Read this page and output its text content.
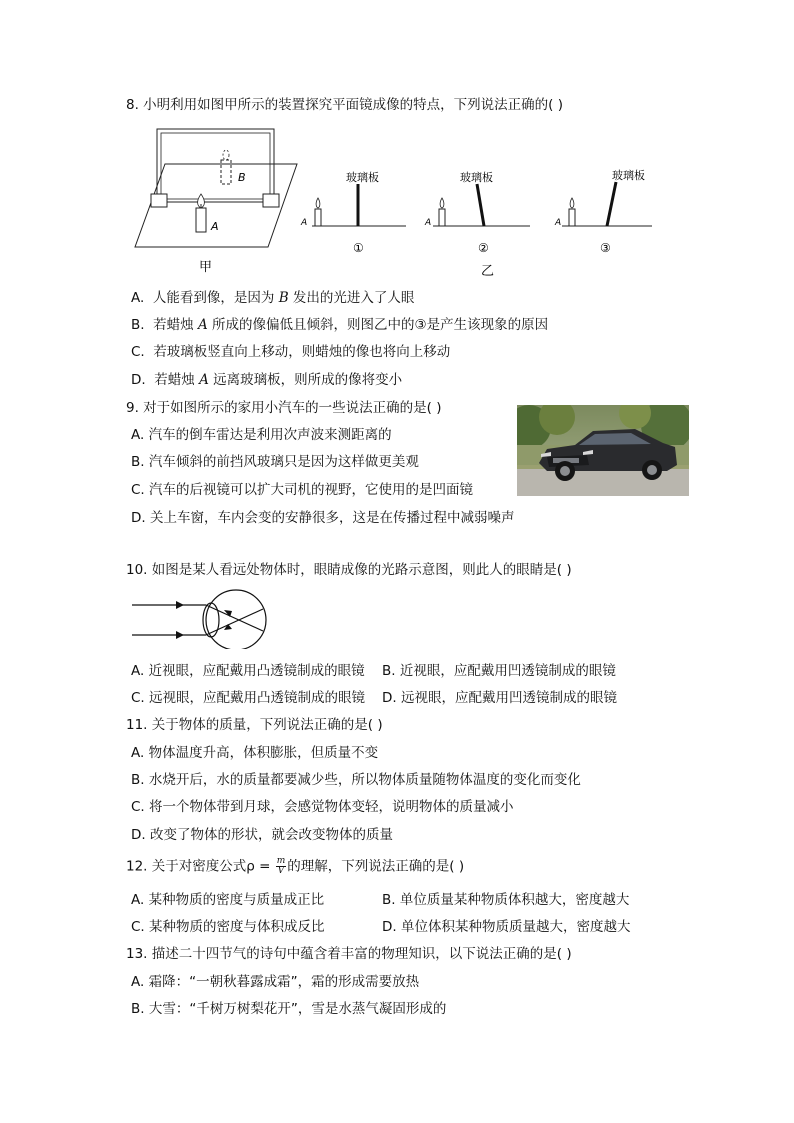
8. 小明利用如图甲所示的装置探究平面镜成像的特点，下列说法正确的( )
B
A
甲
A
玻璃板
①
A
玻璃板
②
A
玻璃板
③
乙
A. 人能看到像，是因为 B 发出的光进入了人眼
B. 若蜡烛 A 所成的像偏低且倾斜，则图乙中的③是产生该现象的原因
C. 若玻璃板竖直向上移动，则蜡烛的像也将向上移动
D. 若蜡烛 A 远离玻璃板，则所成的像将变小
9. 对于如图所示的家用小汽车的一些说法正确的是( )
A. 汽车的倒车雷达是利用次声波来测距离的
B. 汽车倾斜的前挡风玻璃只是因为这样做更美观
C. 汽车的后视镜可以扩大司机的视野，它使用的是凹面镜
D. 关上车窗，车内会变的安静很多，这是在传播过程中减弱噪声
10. 如图是某人看远处物体时，眼睛成像的光路示意图，则此人的眼睛是( )
A. 近视眼，应配戴用凸透镜制成的眼镜 B. 近视眼，应配戴用凹透镜制成的眼镜
C. 远视眼，应配戴用凸透镜制成的眼镜 D. 远视眼，应配戴用凹透镜制成的眼镜
11. 关于物体的质量，下列说法正确的是( )
A. 物体温度升高，体积膨胀，但质量不变
B. 水烧开后，水的质量都要减少些，所以物体质量随物体温度的变化而变化
C. 将一个物体带到月球，会感觉物体变轻，说明物体的质量减小
D. 改变了物体的形状，就会改变物体的质量
12. 关于对密度公式$\rho = \frac{m}{V}$ 的理解，下列说法正确的是( )
A. 某种物质的密度与质量成正比	B. 单位质量某种物质体积越大，密度越大
C. 某种物质的密度与体积成反比	D. 单位体积某种物质质量越大，密度越大
13. 描述二十四节气的诗句中蕴含着丰富的物理知识，以下说法正确的是( )
A. 霜降：“一朝秋暮露成霜”，霜的形成需要放热
B. 大雪：“千树万树梨花开”，雪是水蒸气凝固形成的
